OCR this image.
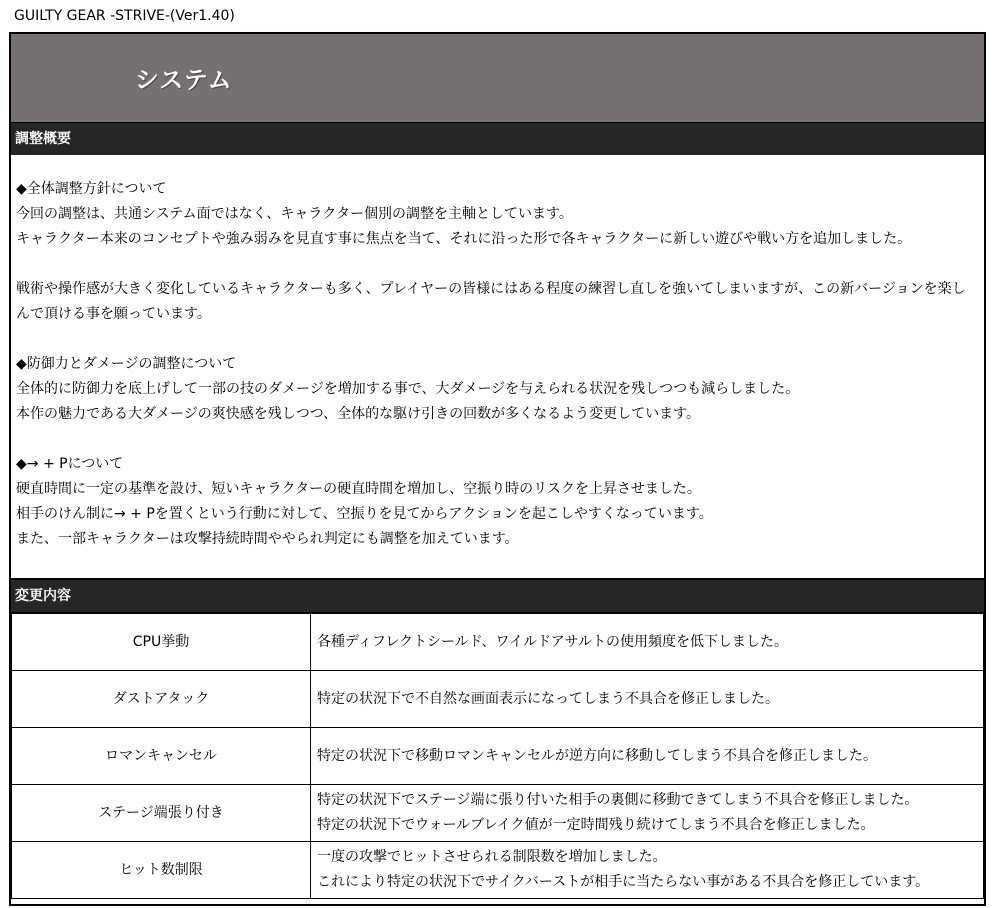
GUILTY GEAR -STRIVE-(Ver1.40)
システム
調整概要

◆全体調整方針について
今回の調整は、共通システム面ではなく、キャラクター個別の調整を主軸としています。
キャラクター本来のコンセプトや強み弱みを見直す事に焦点を当て、それに沿った形で各キャラクターに新しい遊びや戦い方を追加しました。

戦術や操作感が大きく変化しているキャラクターも多く、プレイヤーの皆様にはある程度の練習し直しを強いてしまいますが、この新バージョンを楽しんで頂ける事を願っています。

◆防御力とダメージの調整について
全体的に防御力を底上げして一部の技のダメージを増加する事で、大ダメージを与えられる状況を残しつつも減らしました。
本作の魅力である大ダメージの爽快感を残しつつ、全体的な駆け引きの回数が多くなるよう変更しています。

◆→ + Pについて
硬直時間に一定の基準を設け、短いキャラクターの硬直時間を増加し、空振り時のリスクを上昇させました。
相手のけん制に→ + Pを置くという行動に対して、空振りを見てからアクションを起こしやすくなっています。
また、一部キャラクターは攻撃持続時間ややられ判定にも調整を加えています。

変更内容
CPU挙動	各種ディフレクトシールド、ワイルドアサルトの使用頻度を低下しました。

ダストアタック	特定の状況下で不自然な画面表示になってしまう不具合を修正しました。

ロマンキャンセル	特定の状況下で移動ロマンキャンセルが逆方向に移動してしまう不具合を修正しました。

ステージ端張り付き	特定の状況下でステージ端に張り付いた相手の裏側に移動できてしまう不具合を修正しました。
特定の状況下でウォールブレイク値が一定時間残り続けてしまう不具合を修正しました。

ヒット数制限	一度の攻撃でヒットさせられる制限数を増加しました。
これにより特定の状況下でサイクバーストが相手に当たらない事がある不具合を修正しています。
